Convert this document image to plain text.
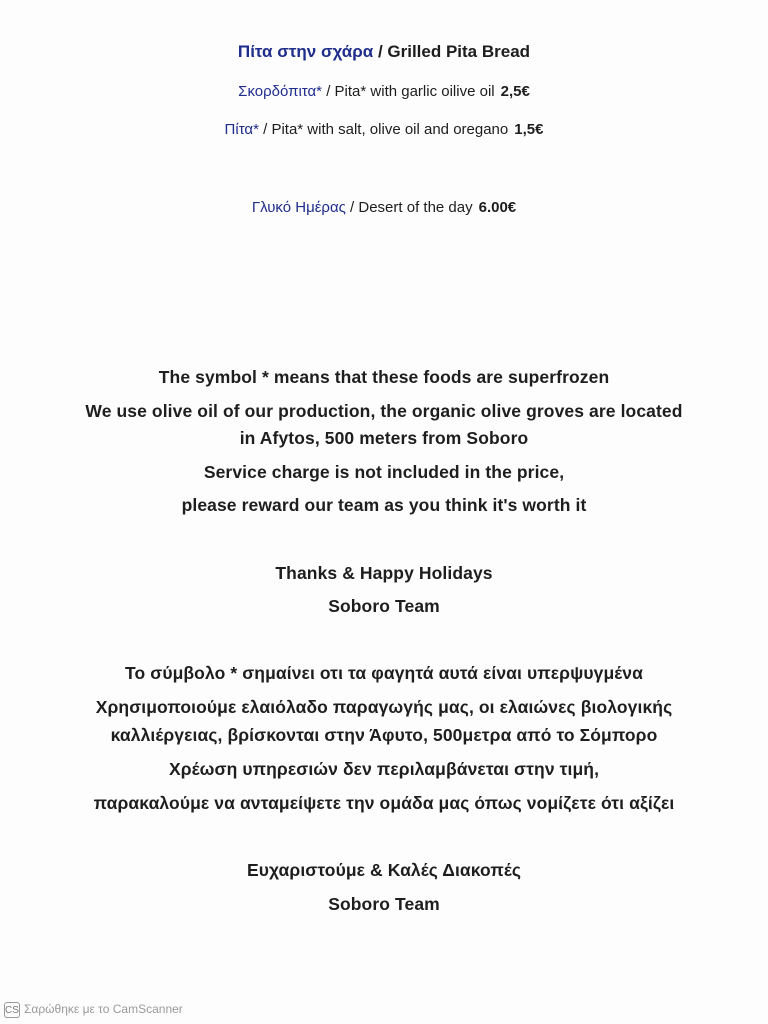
Πίτα στην σχάρα / Grilled Pita Bread
Σκορδόπιτα* / Pita* with garlic oilive oil 2,5€
Πίτα* / Pita* with salt, olive oil and oregano 1,5€
Γλυκό Ημέρας / Desert of the day 6.00€
The symbol * means that these foods are superfrozen
We use olive oil of our production, the organic olive groves are located
in Afytos, 500 meters from Soboro
Service charge is not included in the price,
please reward our team as you think it's worth it
Thanks & Happy Holidays
Soboro Team
Το σύμβολο * σημαίνει οτι τα φαγητά αυτά είναι υπερψυγμένα
Χρησιμοποιούμε ελαιόλαδο παραγωγής μας, οι ελαιώνες βιολογικής
καλλιέργειας, βρίσκονται στην Άφυτο, 500μετρα από το Σόμπορο
Χρέωση υπηρεσιών δεν περιλαμβάνεται στην τιμή,
παρακαλούμε να ανταμείψετε την ομάδα μας όπως νομίζετε ότι αξίζει
Ευχαριστούμε & Καλές Διακοπές
Soboro Team
CS Σαρώθηκε με το CamScanner
